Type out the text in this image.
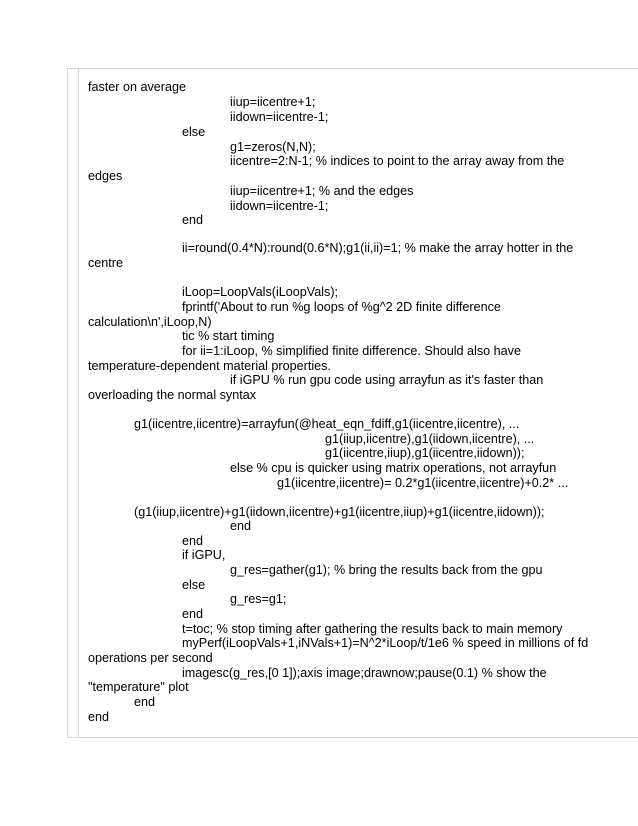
faster on average

iiup=iicentre+1;

iidown=iicentre-1;

else

g1=zeros(N,N);

iicentre=2:N-1; % indices to point to the array away from the

edges

iiup=iicentre+1; % and the edges

iidown=iicentre-1;

end

ii=round(0.4*N):round(0.6*N);g1(ii,ii)=1; % make the array hotter in the

centre

iLoop=LoopVals(iLoopVals);

fprintf('About to run %g loops of %g^2 2D finite difference

calculation\n',iLoop,N)

tic % start timing

for ii=1:iLoop, % simplified finite difference. Should also have

temperature-dependent material properties.

if iGPU % run gpu code using arrayfun as it's faster than

overloading the normal syntax

g1(iicentre,iicentre)=arrayfun(@heat_eqn_fdiff,g1(iicentre,iicentre), ...

g1(iiup,iicentre),g1(iidown,iicentre), ...

g1(iicentre,iiup),g1(iicentre,iidown));

else % cpu is quicker using matrix operations, not arrayfun

g1(iicentre,iicentre)= 0.2*g1(iicentre,iicentre)+0.2* ...

(g1(iiup,iicentre)+g1(iidown,iicentre)+g1(iicentre,iiup)+g1(iicentre,iidown));

end

end

if iGPU,

g_res=gather(g1); % bring the results back from the gpu

else

g_res=g1;

end

t=toc; % stop timing after gathering the results back to main memory

myPerf(iLoopVals+1,iNVals+1)=N^2*iLoop/t/1e6 % speed in millions of fd

operations per second

imagesc(g_res,[0 1]);axis image;drawnow;pause(0.1) % show the

"temperature" plot

end

end
